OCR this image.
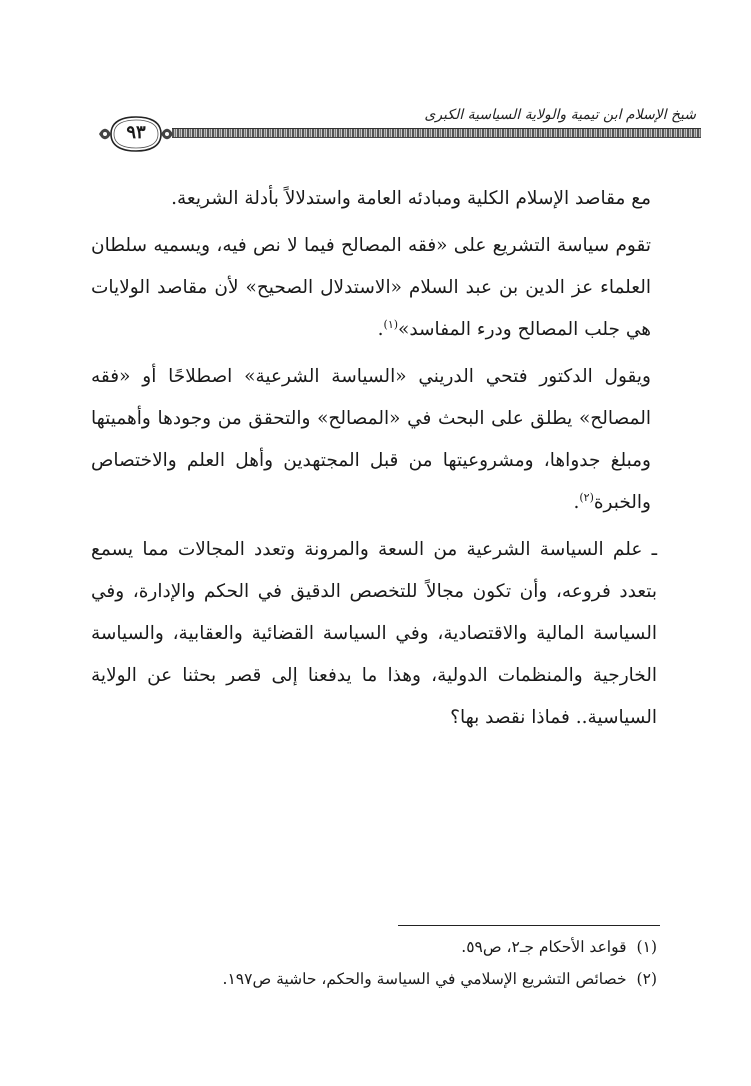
شيخ الإسلام ابن تيمية والولاية السياسية الكبرى
٩٣

مع مقاصد الإسلام الكلية ومبادئه العامة واستدلالاً بأدلة الشريعة.

تقوم سياسة التشريع على «فقه المصالح فيما لا نص فيه، ويسميه سلطان العلماء عز الدين بن عبد السلام «الاستدلال الصحيح» لأن مقاصد الولايات هي جلب المصالح ودرء المفاسد»$^{(١)}$.

ويقول الدكتور فتحي الدريني «السياسة الشرعية» اصطلاحًا أو «فقه المصالح» يطلق على البحث في «المصالح» والتحقق من وجودها وأهميتها ومبلغ جدواها، ومشروعيتها من قبل المجتهدين وأهل العلم والاختصاص والخبرة$^{(٢)}$.

ـ علم السياسة الشرعية من السعة والمرونة وتعدد المجالات مما يسمع بتعدد فروعه، وأن تكون مجالاً للتخصص الدقيق في الحكم والإدارة، وفي السياسة المالية والاقتصادية، وفي السياسة القضائية والعقابية، والسياسة الخارجية والمنظمات الدولية، وهذا ما يدفعنا إلى قصر بحثنا عن الولاية السياسية.. فماذا نقصد بها؟

(١)قواعد الأحكام جـ٢، ص٥٩.
(٢)خصائص التشريع الإسلامي في السياسة والحكم، حاشية ص١٩٧.
